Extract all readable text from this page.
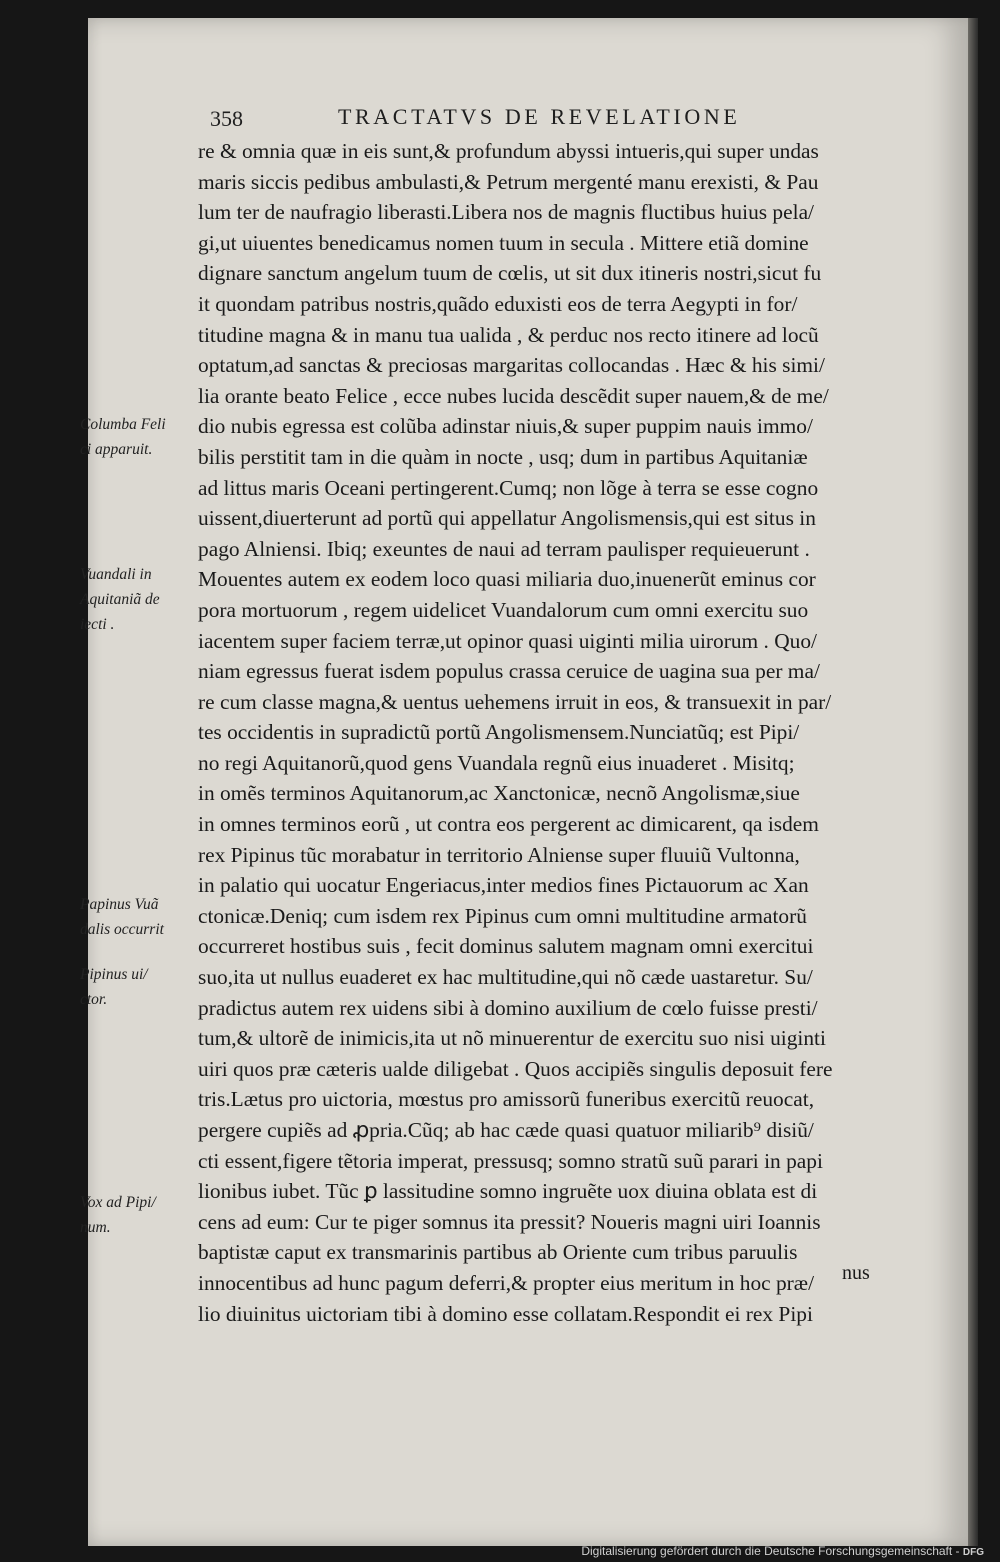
358	TRACTATVS DE REVELATIONE

re & omnia quæ in eis sunt,& profundum abyssi intueris,qui super undas
maris siccis pedibus ambulasti,& Petrum mergenté manu erexisti, & Pau
lum ter de naufragio liberasti.Libera nos de magnis fluctibus huius pela/
gi,ut uiuentes benedicamus nomen tuum in secula . Mittere etiã domine
dignare sanctum angelum tuum de cœlis, ut sit dux itineris nostri,sicut fu
it quondam patribus nostris,quãdo eduxisti eos de terra Aegypti in for/
titudine magna & in manu tua ualida , & perduc nos recto itinere ad locũ
optatum,ad sanctas & preciosas margaritas collocandas . Hæc & his simi/
lia orante beato Felice , ecce nubes lucida descẽdit super nauem,& de me/
dio nubis egressa est colũba adinstar niuis,& super puppim nauis immo/
bilis perstitit tam in die quàm in nocte , usq; dum in partibus Aquitaniæ
ad littus maris Oceani pertingerent.Cumq; non lõge à terra se esse cogno
uissent,diuerterunt ad portũ qui appellatur Angolismensis,qui est situs in
pago Alniensi. Ibiq; exeuntes de naui ad terram paulisper requieuerunt .
Mouentes autem ex eodem loco quasi miliaria duo,inuenerũt eminus cor
pora mortuorum , regem uidelicet Vuandalorum cum omni exercitu suo
iacentem super faciem terræ,ut opinor quasi uiginti milia uirorum . Quo/
niam egressus fuerat isdem populus crassa ceruice de uagina sua per ma/
re cum classe magna,& uentus uehemens irruit in eos, & transuexit in par/
tes occidentis in supradictũ portũ Angolismensem.Nunciatũq; est Pipi/
no regi Aquitanorũ,quod gens Vuandala regnũ eius inuaderet . Misitq;
in omẽs terminos Aquitanorum,ac Xanctonicæ, necnõ Angolismæ,siue
in omnes terminos eorũ , ut contra eos pergerent ac dimicarent, qa isdem
rex Pipinus tũc morabatur in territorio Alniense super fluuiũ Vultonna,
in palatio qui uocatur Engeriacus,inter medios fines Pictauorum ac Xan
ctonicæ.Deniq; cum isdem rex Pipinus cum omni multitudine armatorũ
occurreret hostibus suis , fecit dominus salutem magnam omni exercitui
suo,ita ut nullus euaderet ex hac multitudine,qui nõ cæde uastaretur. Su/
pradictus autem rex uidens sibi à domino auxilium de cœlo fuisse presti/
tum,& ultorẽ de inimicis,ita ut nõ minuerentur de exercitu suo nisi uiginti
uiri quos præ cæteris ualde diligebat . Quos accipiẽs singulis deposuit fere
tris.Lætus pro uictoria, mœstus pro amissorũ funeribus exercitũ reuocat,
pergere cupiẽs ad ꝓpria.Cũq; ab hac cæde quasi quatuor miliarib⁹ disiũ/
cti essent,figere tẽtoria imperat, pressusq; somno stratũ suũ parari in papi
lionibus iubet. Tũc ꝑ lassitudine somno ingruẽte uox diuina oblata est di
cens ad eum: Cur te piger somnus ita pressit? Noueris magni uiri Ioannis
baptistæ caput ex transmarinis partibus ab Oriente cum tribus paruulis
innocentibus ad hunc pagum deferri,& propter eius meritum in hoc præ/
lio diuinitus uictoriam tibi à domino esse collatam.Respondit ei rex Pipi

nus

Columba Feli
ci apparuit.

Vuandali in
Aquitaniã de
iecti .

Papinus Vuã
dalis occurrit

Pipinus ui/
ctor.

Vox ad Pipi/
num.

Digitalisierung gefördert durch die Deutsche Forschungsgemeinschaft - DFG
